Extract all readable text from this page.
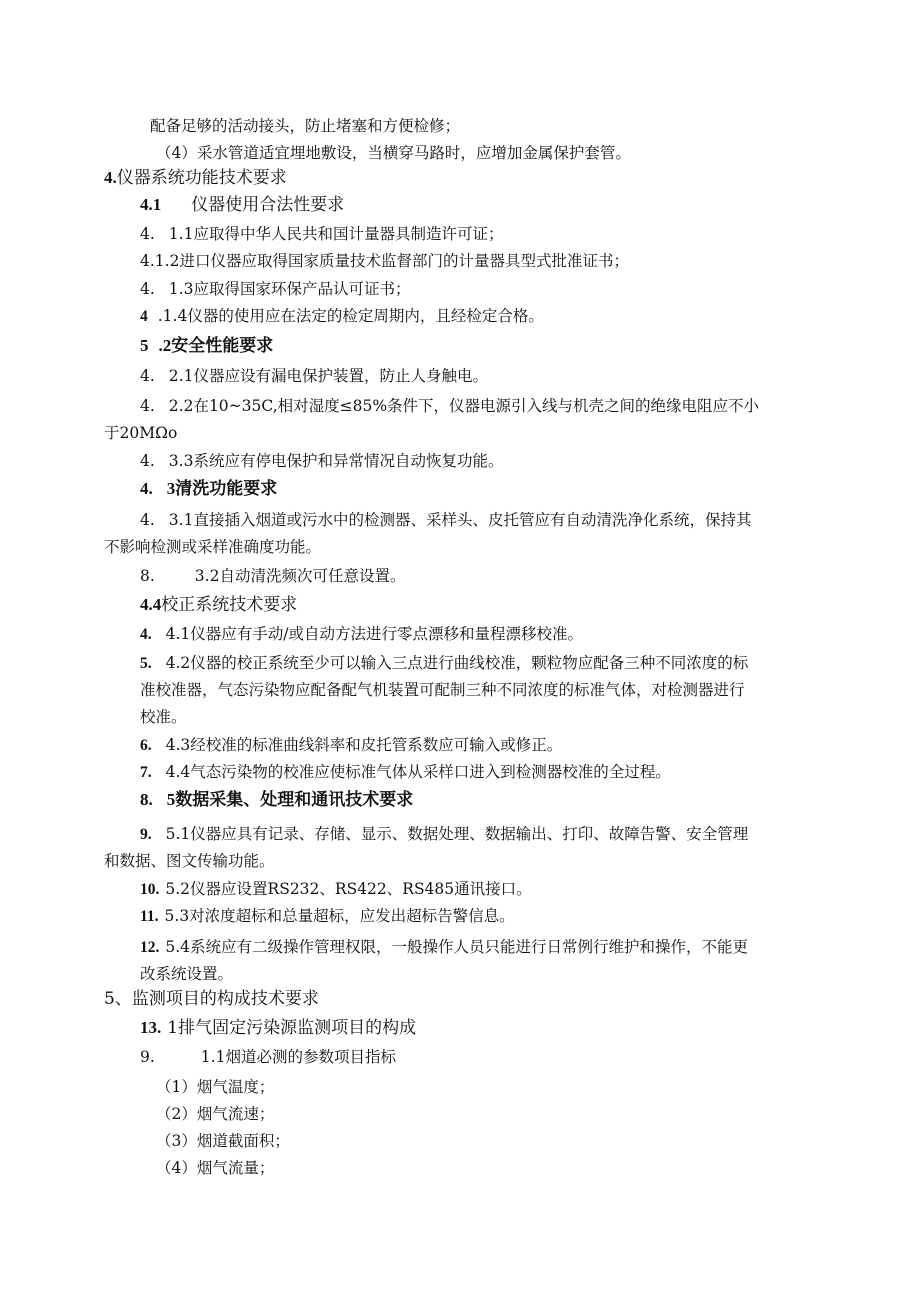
配备足够的活动接头，防止堵塞和方便检修；
（4）采水管道适宜埋地敷设，当横穿马路时，应增加金属保护套管。
4.仪器系统功能技术要求
4.1 仪器使用合法性要求
4. 1.1应取得中华人民共和国计量器具制造许可证；
4.1.2进口仪器应取得国家质量技术监督部门的计量器具型式批准证书；
4. 1.3应取得国家环保产品认可证书；
4 .1.4仪器的使用应在法定的检定周期内，且经检定合格。
5 .2安全性能要求
4. 2.1仪器应设有漏电保护装置，防止人身触电。
4. 2.2在10~35C,相对湿度≤85%条件下，仪器电源引入线与机壳之间的绝缘电阻应不小
于20MΩo
4. 3.3系统应有停电保护和异常情况自动恢复功能。
4. 3清洗功能要求
4. 3.1直接插入烟道或污水中的检测器、采样头、皮托管应有自动清洗净化系统，保持其
不影响检测或采样准确度功能。
8.	3.2自动清洗频次可任意设置。
4.4校正系统技术要求
4. 4.1仪器应有手动/或自动方法进行零点漂移和量程漂移校准。
5. 4.2仪器的校正系统至少可以输入三点进行曲线校准，颗粒物应配备三种不同浓度的标
准校准器，气态污染物应配备配气机装置可配制三种不同浓度的标准气体，对检测器进行
校准。
6. 4.3经校准的标准曲线斜率和皮托管系数应可输入或修正。
7. 4.4气态污染物的校准应使标准气体从采样口进入到检测器校准的全过程。
8. 5数据采集、处理和通讯技术要求
9. 5.1仪器应具有记录、存储、显示、数据处理、数据输出、打印、故障告警、安全管理
和数据、图文传输功能。
10. 5.2仪器应设置RS232、RS422、RS485通讯接口。
11. 5.3对浓度超标和总量超标，应发出超标告警信息。
12. 5.4系统应有二级操作管理权限，一般操作人员只能进行日常例行维护和操作，不能更
改系统设置。
5、监测项目的构成技术要求
13. 1排气固定污染源监测项目的构成
9.	1.1烟道必测的参数项目指标
（1）烟气温度；
（2）烟气流速；
（3）烟道截面积；
（4）烟气流量；
